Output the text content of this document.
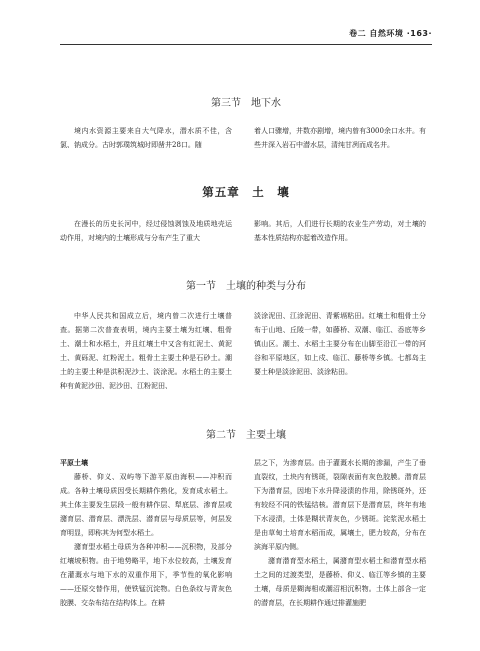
卷二 自然环境 ·163·
第三节　地下水

境内水资源主要来自大气降水，潜水质不佳，含氯、钠成分。古时郭璞筑城时即凿井28口。随

着人口骤增，井数亦剧增，境内曾有3000余口水井。有些井深入岩石中潜水层，清纯甘冽而成名井。

第五章　土　壤

在漫长的历史长河中，经过侵蚀剥蚀及地质地壳运动作用，对境内的土壤形成与分布产生了重大

影响。其后，人们进行长期的农业生产劳动，对土壤的基本性质结构亦起着改造作用。

第一节　土壤的种类与分布

中华人民共和国成立后，境内曾二次进行土壤普查。据第二次普查表明，境内主要土壤为红壤、粗骨土、潮土和水稻土，并且红壤土中又含有红泥土、黄泥土、黄砾泥、红粉泥土。粗骨土主要土种是石砂土。潮土的主要土种是洪积泥沙土、淡涂泥。水稻土的主要土种有黄泥沙田、泥沙田、江粉泥田、

淡涂泥田、江涂泥田、青紫塥粘田。红壤土和粗骨土分布于山地、丘陵一带，如藤桥、双潮、临江、岙底等乡镇山区。潮土、水稻土主要分布在山脚至沿江一带的河谷和平原地区，如上戍、临江、藤桥等乡镇。七都岛主要土种是淡涂泥田、淡涂粘田。

第二节　主要土壤
平原土壤

藤桥、仰义、双屿等下游平原由海积——冲积而成。各种土壤母质因受长期耕作熟化，发育成水稻土。其土体主要发生层段一般有耕作层、犁底层、渗育层或潴育层、潜育层、漂洗层、潜育层与母质层等，何层发育明显，即称其为何型水稻土。

潴育型水稻土母质为各种冲积——沉积物，及部分红壤坡积物。由于地势略平，地下水位较高，土壤发育在灌溉水与地下水的双重作用下，季节性的氧化影响——还原交替作用，使铁锰沉淀物。白色条纹与青灰色胶膜、交杂布结在结构体上。在耕

层之下，为渗育层。由于灌溉水长期的渗漏，产生了垂直裂纹，土块内有锈斑，裂隙表面有灰色胶膜。潜育层下为潜育层，因地下水升降浸渍的作用，除锈斑外，还有较经不同的铁锰结核。潜育层下是潜育层，终年有地下水浸渍，土体是糊状青灰色，少锈斑。淀浆泥水稻土是由草甸土培育水稻而成，属壤土，肥力较高，分布在滨海平原内侧。

潴育潜育型水稻土，属潴育型水稻土和潜育型水稻土之间的过渡类型，是藤桥、仰义、临江等乡镇的主要土壤，母质是糊海相或潮沼相沉积物。土体上部含一定的潜育层，在长期耕作通过排灌施肥
